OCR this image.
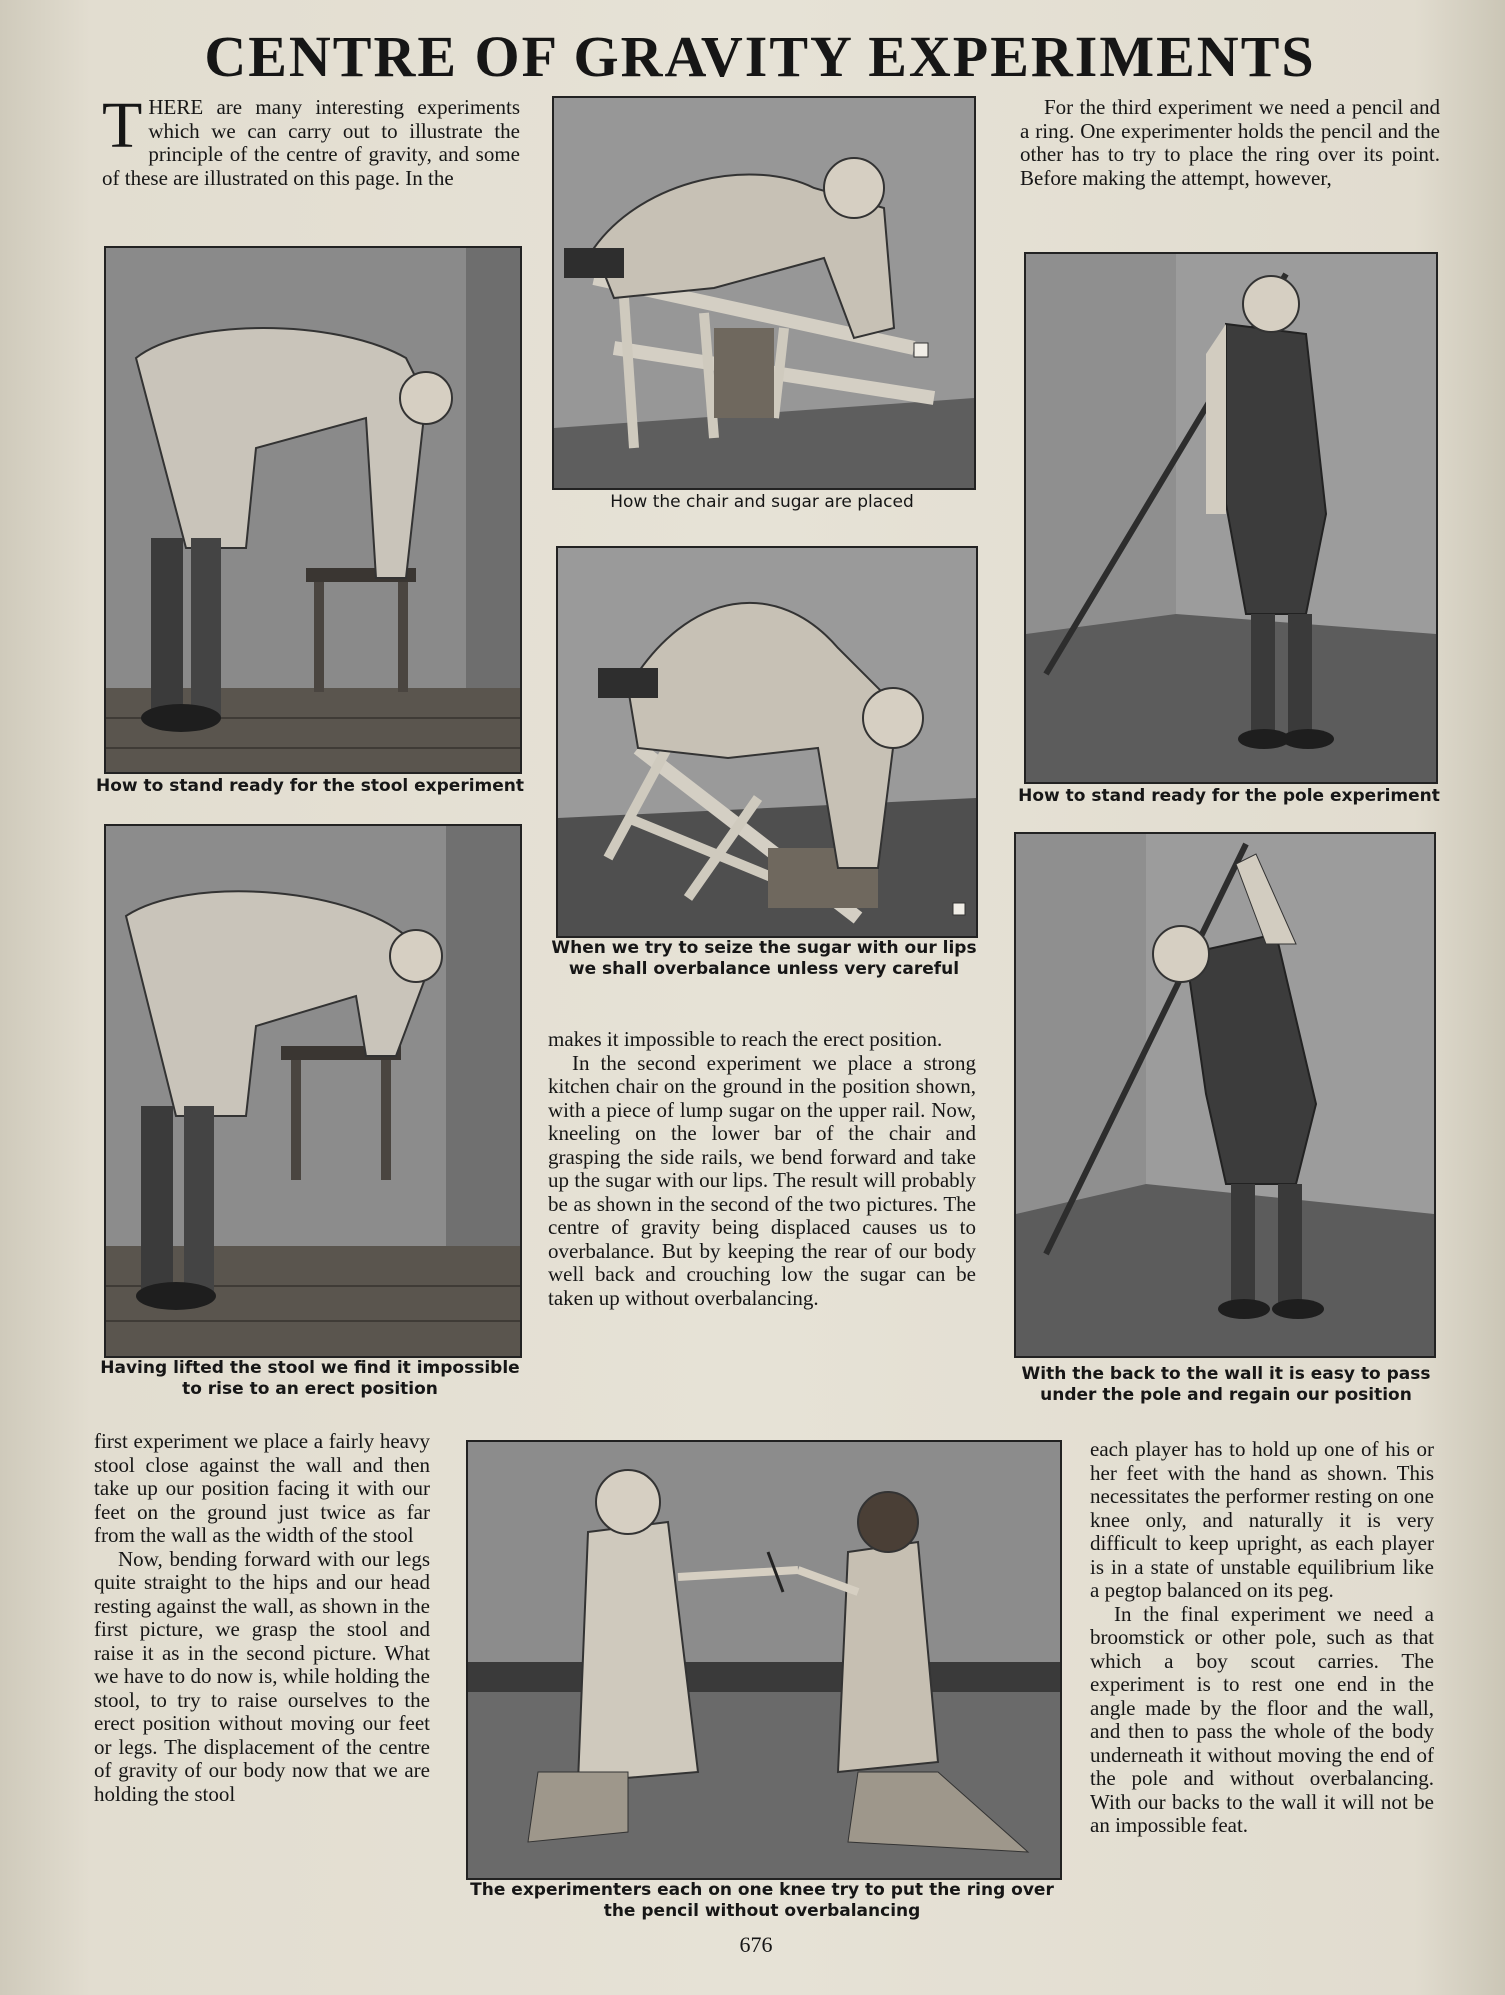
CENTRE OF GRAVITY EXPERIMENTS

THERE are many interesting experiments which we can carry out to illustrate the principle of the centre of gravity, and some of these are illustrated on this page. In the

For the third experiment we need a pencil and a ring. One experimenter holds the pencil and the other has to try to place the ring over its point. Before making the attempt, however,

How to stand ready for the stool experiment
Having lifted the stool we find it impossible to rise to an erect position
How the chair and sugar are placed
When we try to seize the sugar with our lips we shall overbalance unless very careful

makes it impossible to reach the erect position.

In the second experiment we place a strong kitchen chair on the ground in the position shown, with a piece of lump sugar on the upper rail. Now, kneeling on the lower bar of the chair and grasping the side rails, we bend forward and take up the sugar with our lips. The result will probably be as shown in the second of the two pictures. The centre of gravity being displaced causes us to overbalance. But by keeping the rear of our body well back and crouching low the sugar can be taken up without overbalancing.

How to stand ready for the pole experiment
With the back to the wall it is easy to pass under the pole and regain our position

first experiment we place a fairly heavy stool close against the wall and then take up our position facing it with our feet on the ground just twice as far from the wall as the width of the stool

Now, bending forward with our legs quite straight to the hips and our head resting against the wall, as shown in the first picture, we grasp the stool and raise it as in the second picture. What we have to do now is, while holding the stool, to try to raise ourselves to the erect position without moving our feet or legs. The displacement of the centre of gravity of our body now that we are holding the stool

The experimenters each on one knee try to put the ring over the pencil without overbalancing

each player has to hold up one of his or her feet with the hand as shown. This necessitates the performer resting on one knee only, and naturally it is very difficult to keep upright, as each player is in a state of unstable equilibrium like a pegtop balanced on its peg.

In the final experiment we need a broomstick or other pole, such as that which a boy scout carries. The experiment is to rest one end in the angle made by the floor and the wall, and then to pass the whole of the body underneath it without moving the end of the pole and without overbalancing. With our backs to the wall it will not be an impossible feat.

676
